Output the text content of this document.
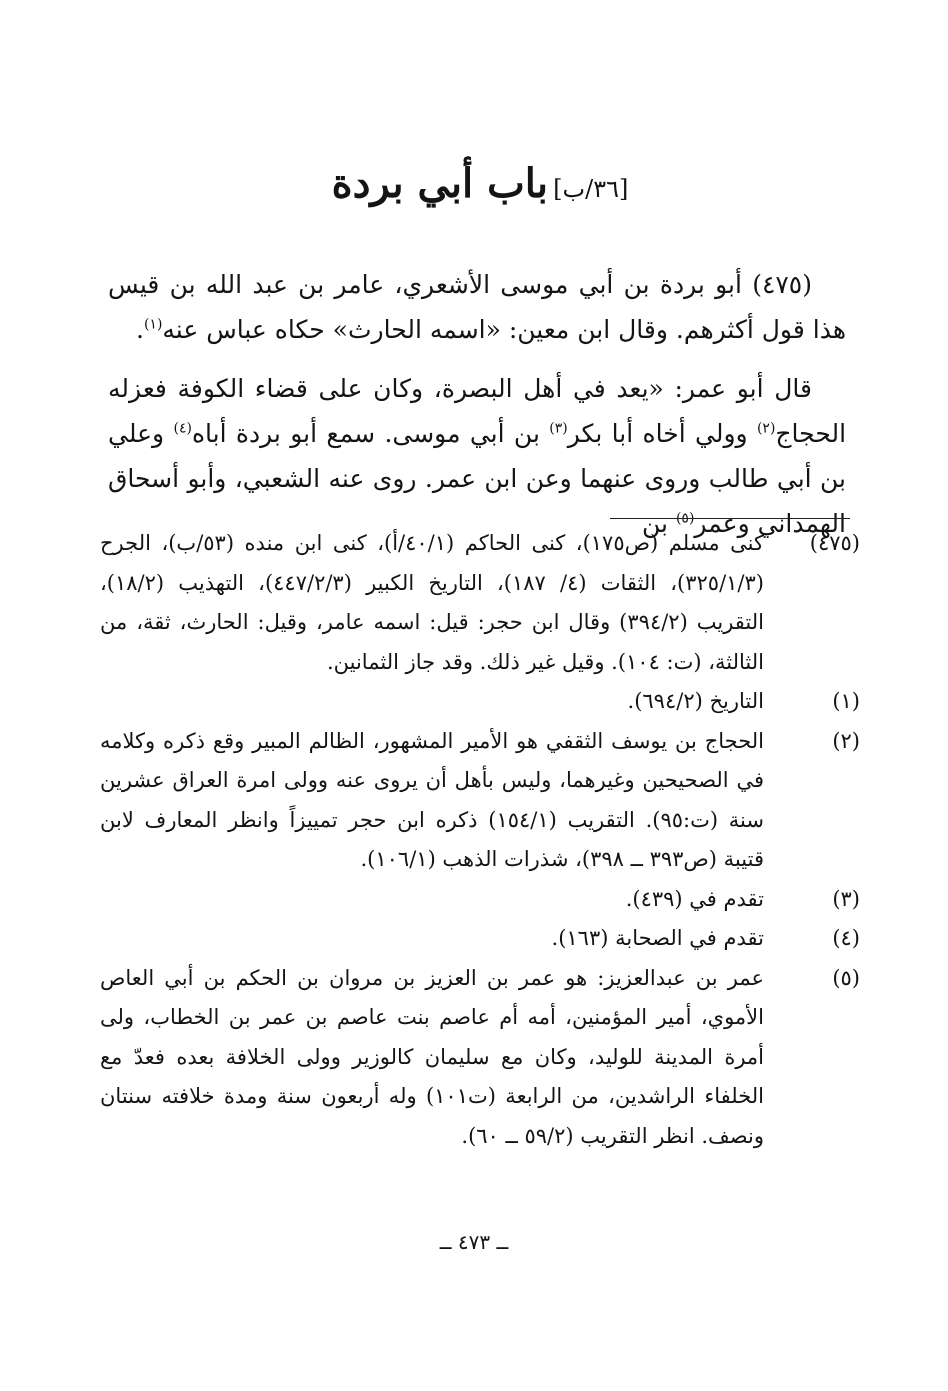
[٣٦/ب] باب أبي بردة

(٤٧٥) أبو بردة بن أبي موسى الأشعري، عامر بن عبد الله بن قيس هذا قول أكثرهم. وقال ابن معين: «اسمه الحارث» حكاه عباس عنه$^{(١)}$.

قال أبو عمر: «يعد في أهل البصرة، وكان على قضاء الكوفة فعزله الحجاج$^{(٢)}$ وولي أخاه أبا بكر$^{(٣)}$ بن أبي موسى. سمع أبو بردة أباه$^{(٤)}$ وعلي بن أبي طالب وروى عنهما وعن ابن عمر. روى عنه الشعبي، وأبو أسحاق الهمداني وعمر$^{(٥)}$ بن

(٤٧٥)
كنى مسلم (ص١٧٥)، كنى الحاكم (٤٠/١/أ)، كنى ابن منده (٥٣/ب)، الجرح (٣٢٥/١/٣)، الثقات (٤/ ١٨٧)، التاريخ الكبير (٤٤٧/٢/٣)، التهذيب (١٨/٢)، التقريب (٣٩٤/٢) وقال ابن حجر: قيل: اسمه عامر، وقيل: الحارث، ثقة، من الثالثة، (ت: ١٠٤). وقيل غير ذلك. وقد جاز الثمانين.
(١)
التاريخ (٦٩٤/٢).
(٢)
الحجاج بن يوسف الثقفي هو الأمير المشهور، الظالم المبير وقع ذكره وكلامه في الصحيحين وغيرهما، وليس بأهل أن يروى عنه وولى امرة العراق عشرين سنة (ت:٩٥). التقريب (١٥٤/١) ذكره ابن حجر تمييزاً وانظر المعارف لابن قتيبة (ص٣٩٣ ــ ٣٩٨)، شذرات الذهب (١٠٦/١).
(٣)
تقدم في (٤٣٩).
(٤)
تقدم في الصحابة (١٦٣).
(٥)
عمر بن عبدالعزيز: هو عمر بن العزيز بن مروان بن الحكم بن أبي العاص الأموي، أمير المؤمنين، أمه أم عاصم بنت عاصم بن عمر بن الخطاب، ولى أمرة المدينة للوليد، وكان مع سليمان كالوزير وولى الخلافة بعده فعدّ مع الخلفاء الراشدين، من الرابعة (ت١٠١) وله أربعون سنة ومدة خلافته سنتان ونصف. انظر التقريب (٥٩/٢ ــ ٦٠).
ــ ٤٧٣ ــ
